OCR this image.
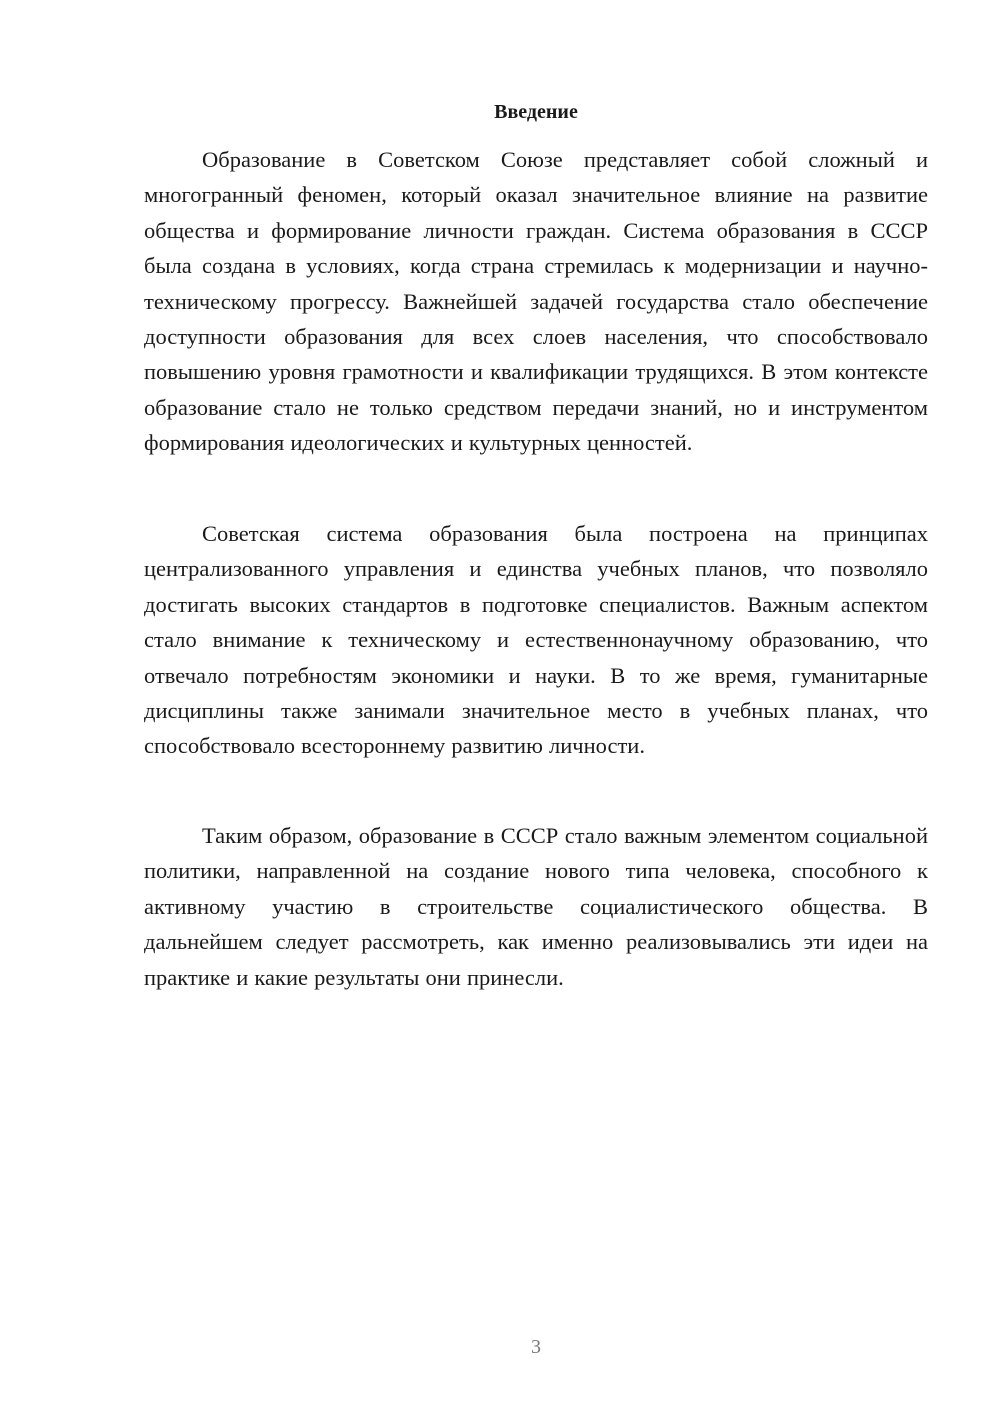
Введение

Образование в Советском Союзе представляет собой сложный и многогранный феномен, который оказал значительное влияние на развитие общества и формирование личности граждан. Система образования в СССР была создана в условиях, когда страна стремилась к модернизации и научно-техническому прогрессу. Важнейшей задачей государства стало обеспечение доступности образования для всех слоев населения, что способствовало повышению уровня грамотности и квалификации трудящихся. В этом контексте образование стало не только средством передачи знаний, но и инструментом формирования идеологических и культурных ценностей.

Советская система образования была построена на принципах централизованного управления и единства учебных планов, что позволяло достигать высоких стандартов в подготовке специалистов. Важным аспектом стало внимание к техническому и естественнонаучному образованию, что отвечало потребностям экономики и науки. В то же время, гуманитарные дисциплины также занимали значительное место в учебных планах, что способствовало всестороннему развитию личности.

Таким образом, образование в СССР стало важным элементом социальной политики, направленной на создание нового типа человека, способного к активному участию в строительстве социалистического общества. В дальнейшем следует рассмотреть, как именно реализовывались эти идеи на практике и какие результаты они принесли.

3
